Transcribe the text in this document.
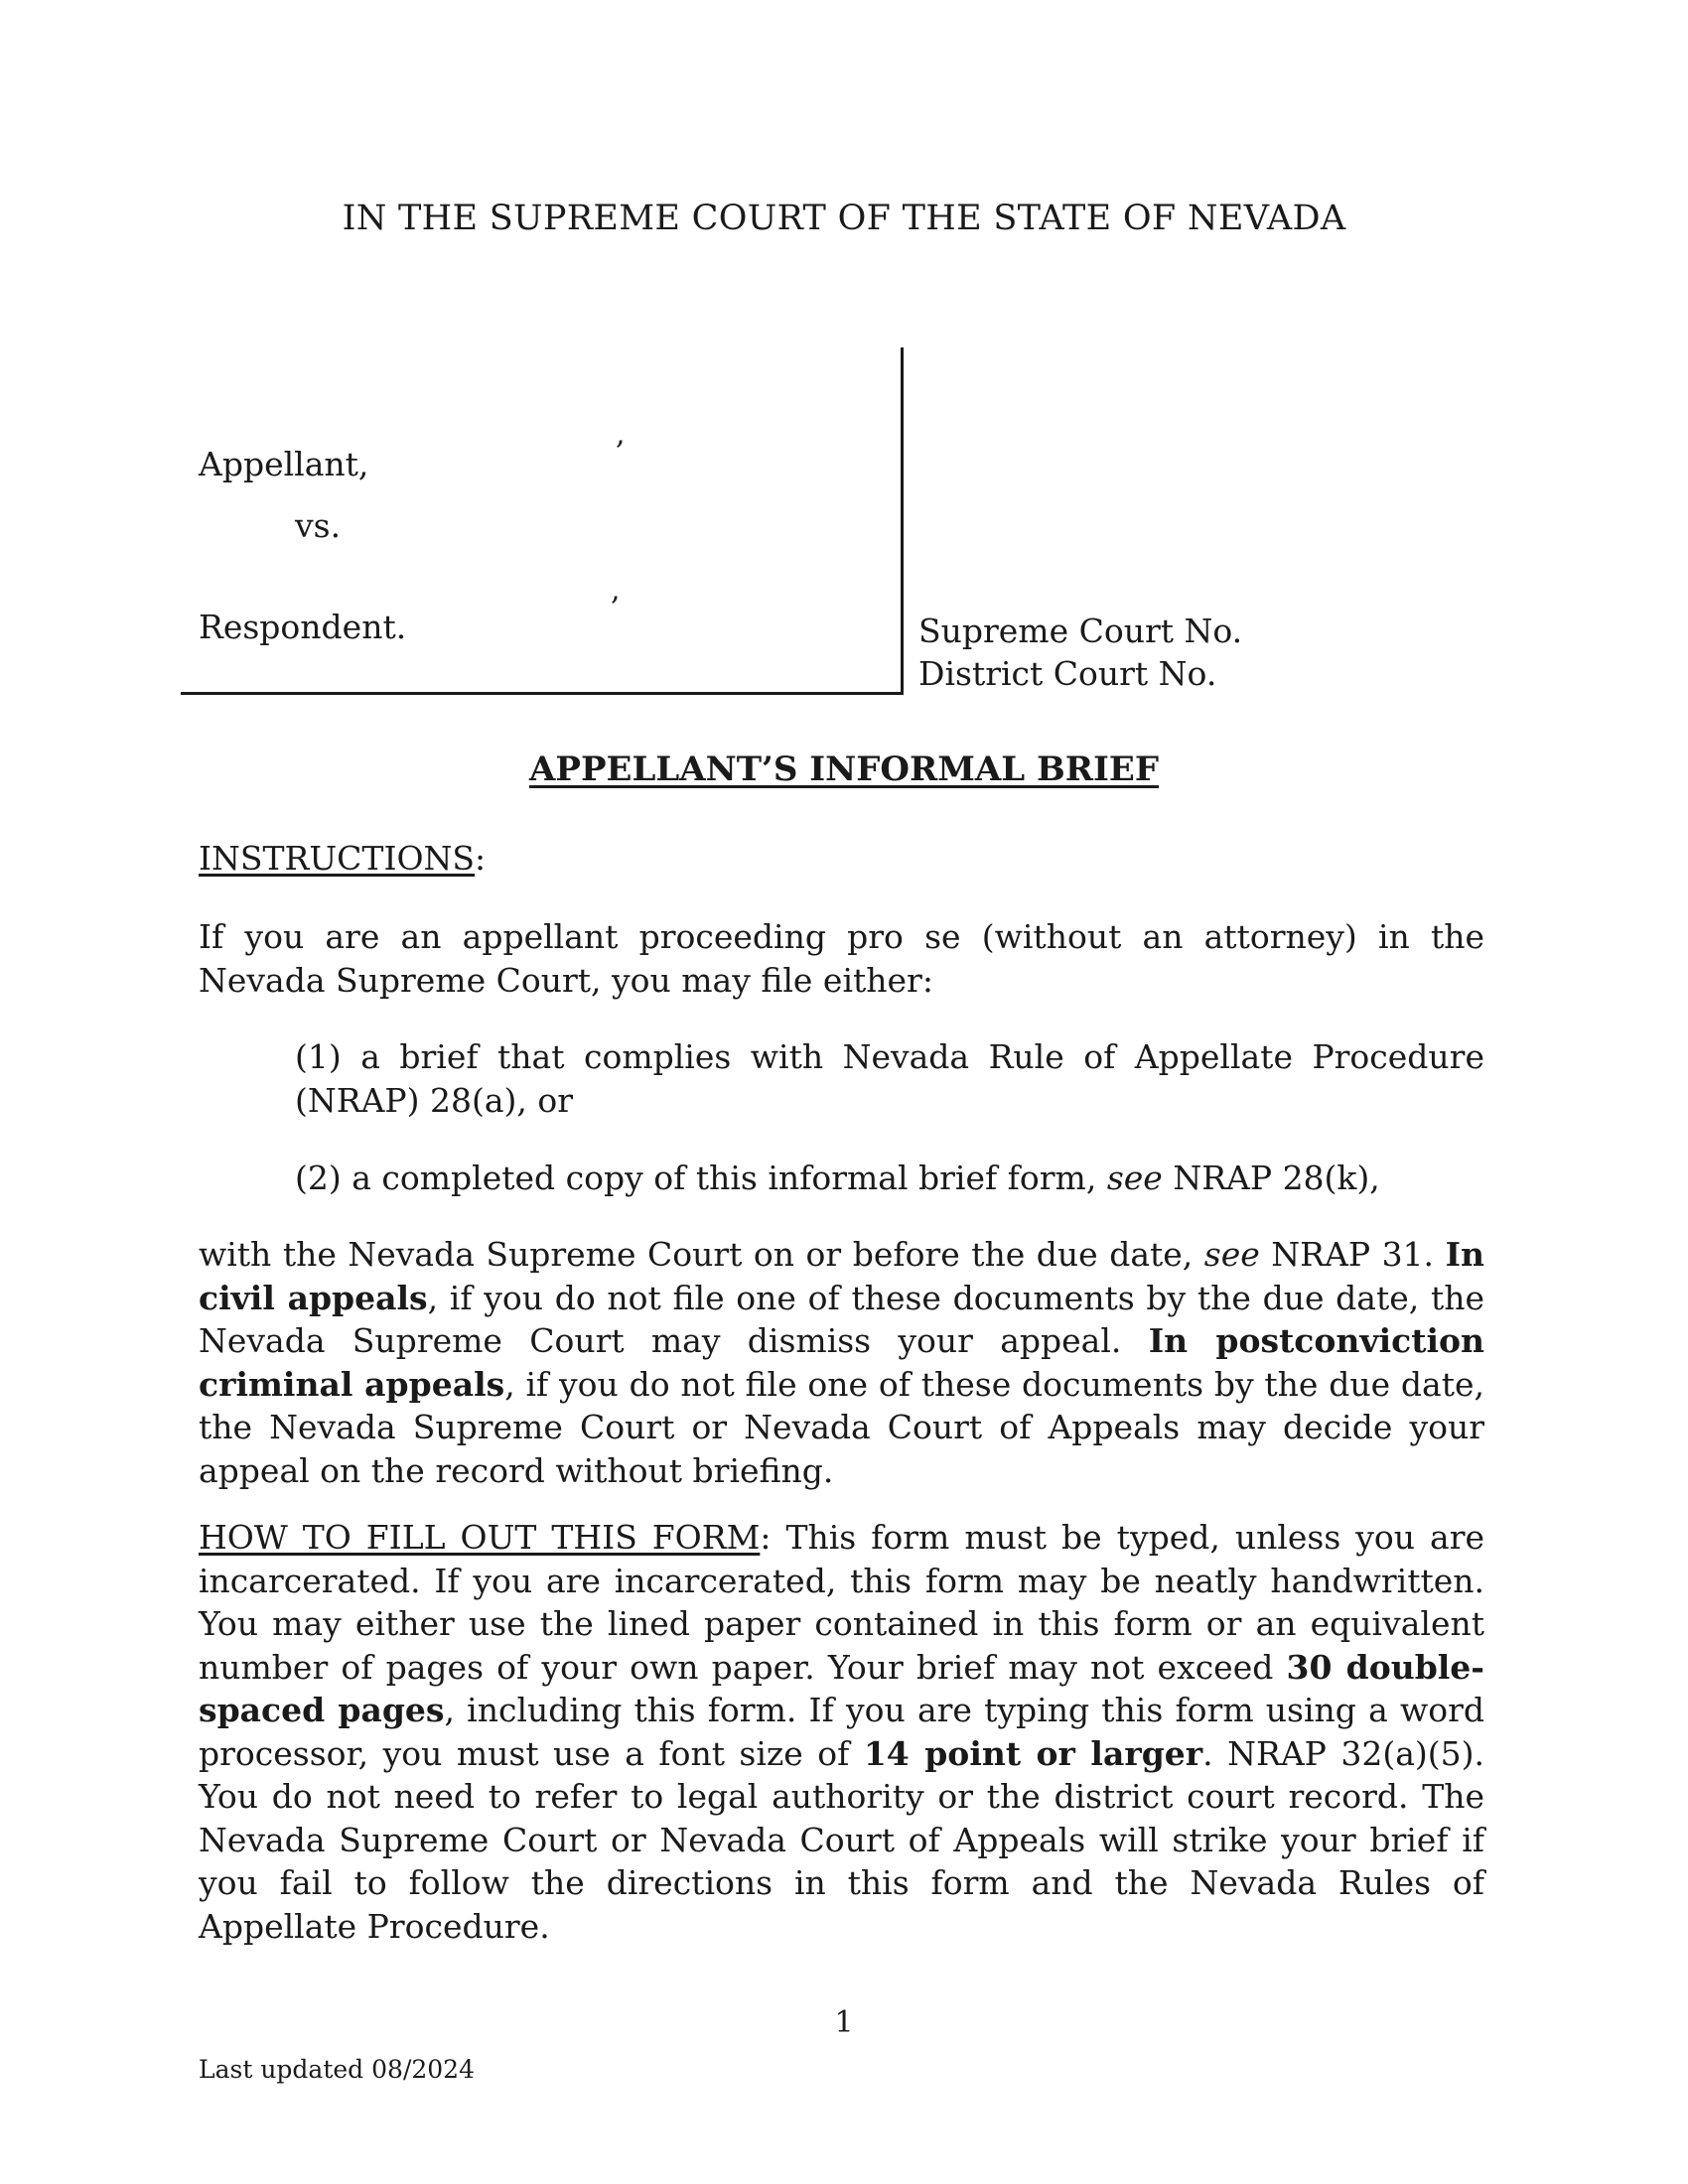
IN THE SUPREME COURT OF THE STATE OF NEVADA
,
Appellant,
vs.
,
Respondent.	Supreme Court No.
District Court No.
APPELLANT’S INFORMAL BRIEF
INSTRUCTIONS:
If you are an appellant proceeding pro se (without an attorney) in the Nevada Supreme Court, you may file either:
(1) a brief that complies with Nevada Rule of Appellate Procedure (NRAP) 28(a), or
(2) a completed copy of this informal brief form, see NRAP 28(k),
with the Nevada Supreme Court on or before the due date, see NRAP 31. In civil appeals, if you do not file one of these documents by the due date, the Nevada Supreme Court may dismiss your appeal. In postconviction criminal appeals, if you do not file one of these documents by the due date, the Nevada Supreme Court or Nevada Court of Appeals may decide your appeal on the record without briefing.
HOW TO FILL OUT THIS FORM: This form must be typed, unless you are incarcerated. If you are incarcerated, this form may be neatly handwritten. You may either use the lined paper contained in this form or an equivalent number of pages of your own paper. Your brief may not exceed 30 double-spaced pages, including this form. If you are typing this form using a word processor, you must use a font size of 14 point or larger. NRAP 32(a)(5). You do not need to refer to legal authority or the district court record. The Nevada Supreme Court or Nevada Court of Appeals will strike your brief if you fail to follow the directions in this form and the Nevada Rules of Appellate Procedure.
1
Last updated 08/2024
